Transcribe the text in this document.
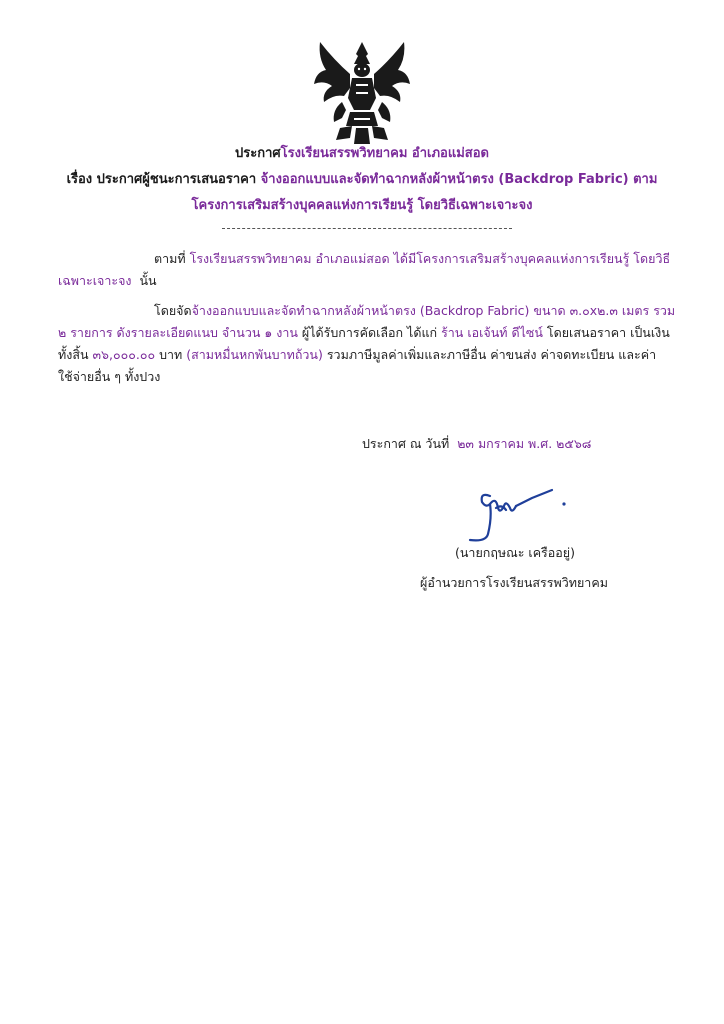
ประกาศโรงเรียนสรรพวิทยาคม อำเภอแม่สอด
เรื่อง ประกาศผู้ชนะการเสนอราคา จ้างออกแบบและจัดทำฉากหลังผ้าหน้าตรง (Backdrop Fabric) ตาม
โครงการเสริมสร้างบุคคลแห่งการเรียนรู้ โดยวิธีเฉพาะเจาะจง
ตามที่ โรงเรียนสรรพวิทยาคม อำเภอแม่สอด ได้มีโครงการเสริมสร้างบุคคลแห่งการเรียนรู้ โดยวิธี
เฉพาะเจาะจง นั้น
โดยจัดจ้างออกแบบและจัดทำฉากหลังผ้าหน้าตรง (Backdrop Fabric) ขนาด ๓.๐x๒.๓ เมตร รวม
๒ รายการ ดังรายละเอียดแนบ จำนวน ๑ งาน ผู้ได้รับการคัดเลือก ได้แก่ ร้าน เอเจ้นท์ ดีไซน์ โดยเสนอราคา เป็นเงิน
ทั้งสิ้น ๓๖,๐๐๐.๐๐ บาท (สามหมื่นหกพันบาทถ้วน) รวมภาษีมูลค่าเพิ่มและภาษีอื่น ค่าขนส่ง ค่าจดทะเบียน และค่า
ใช้จ่ายอื่น ๆ ทั้งปวง
ประกาศ ณ วันที่ ๒๓ มกราคม พ.ศ. ๒๕๖๘
(นายกฤษณะ เครืออยู่)
ผู้อำนวยการโรงเรียนสรรพวิทยาคม
